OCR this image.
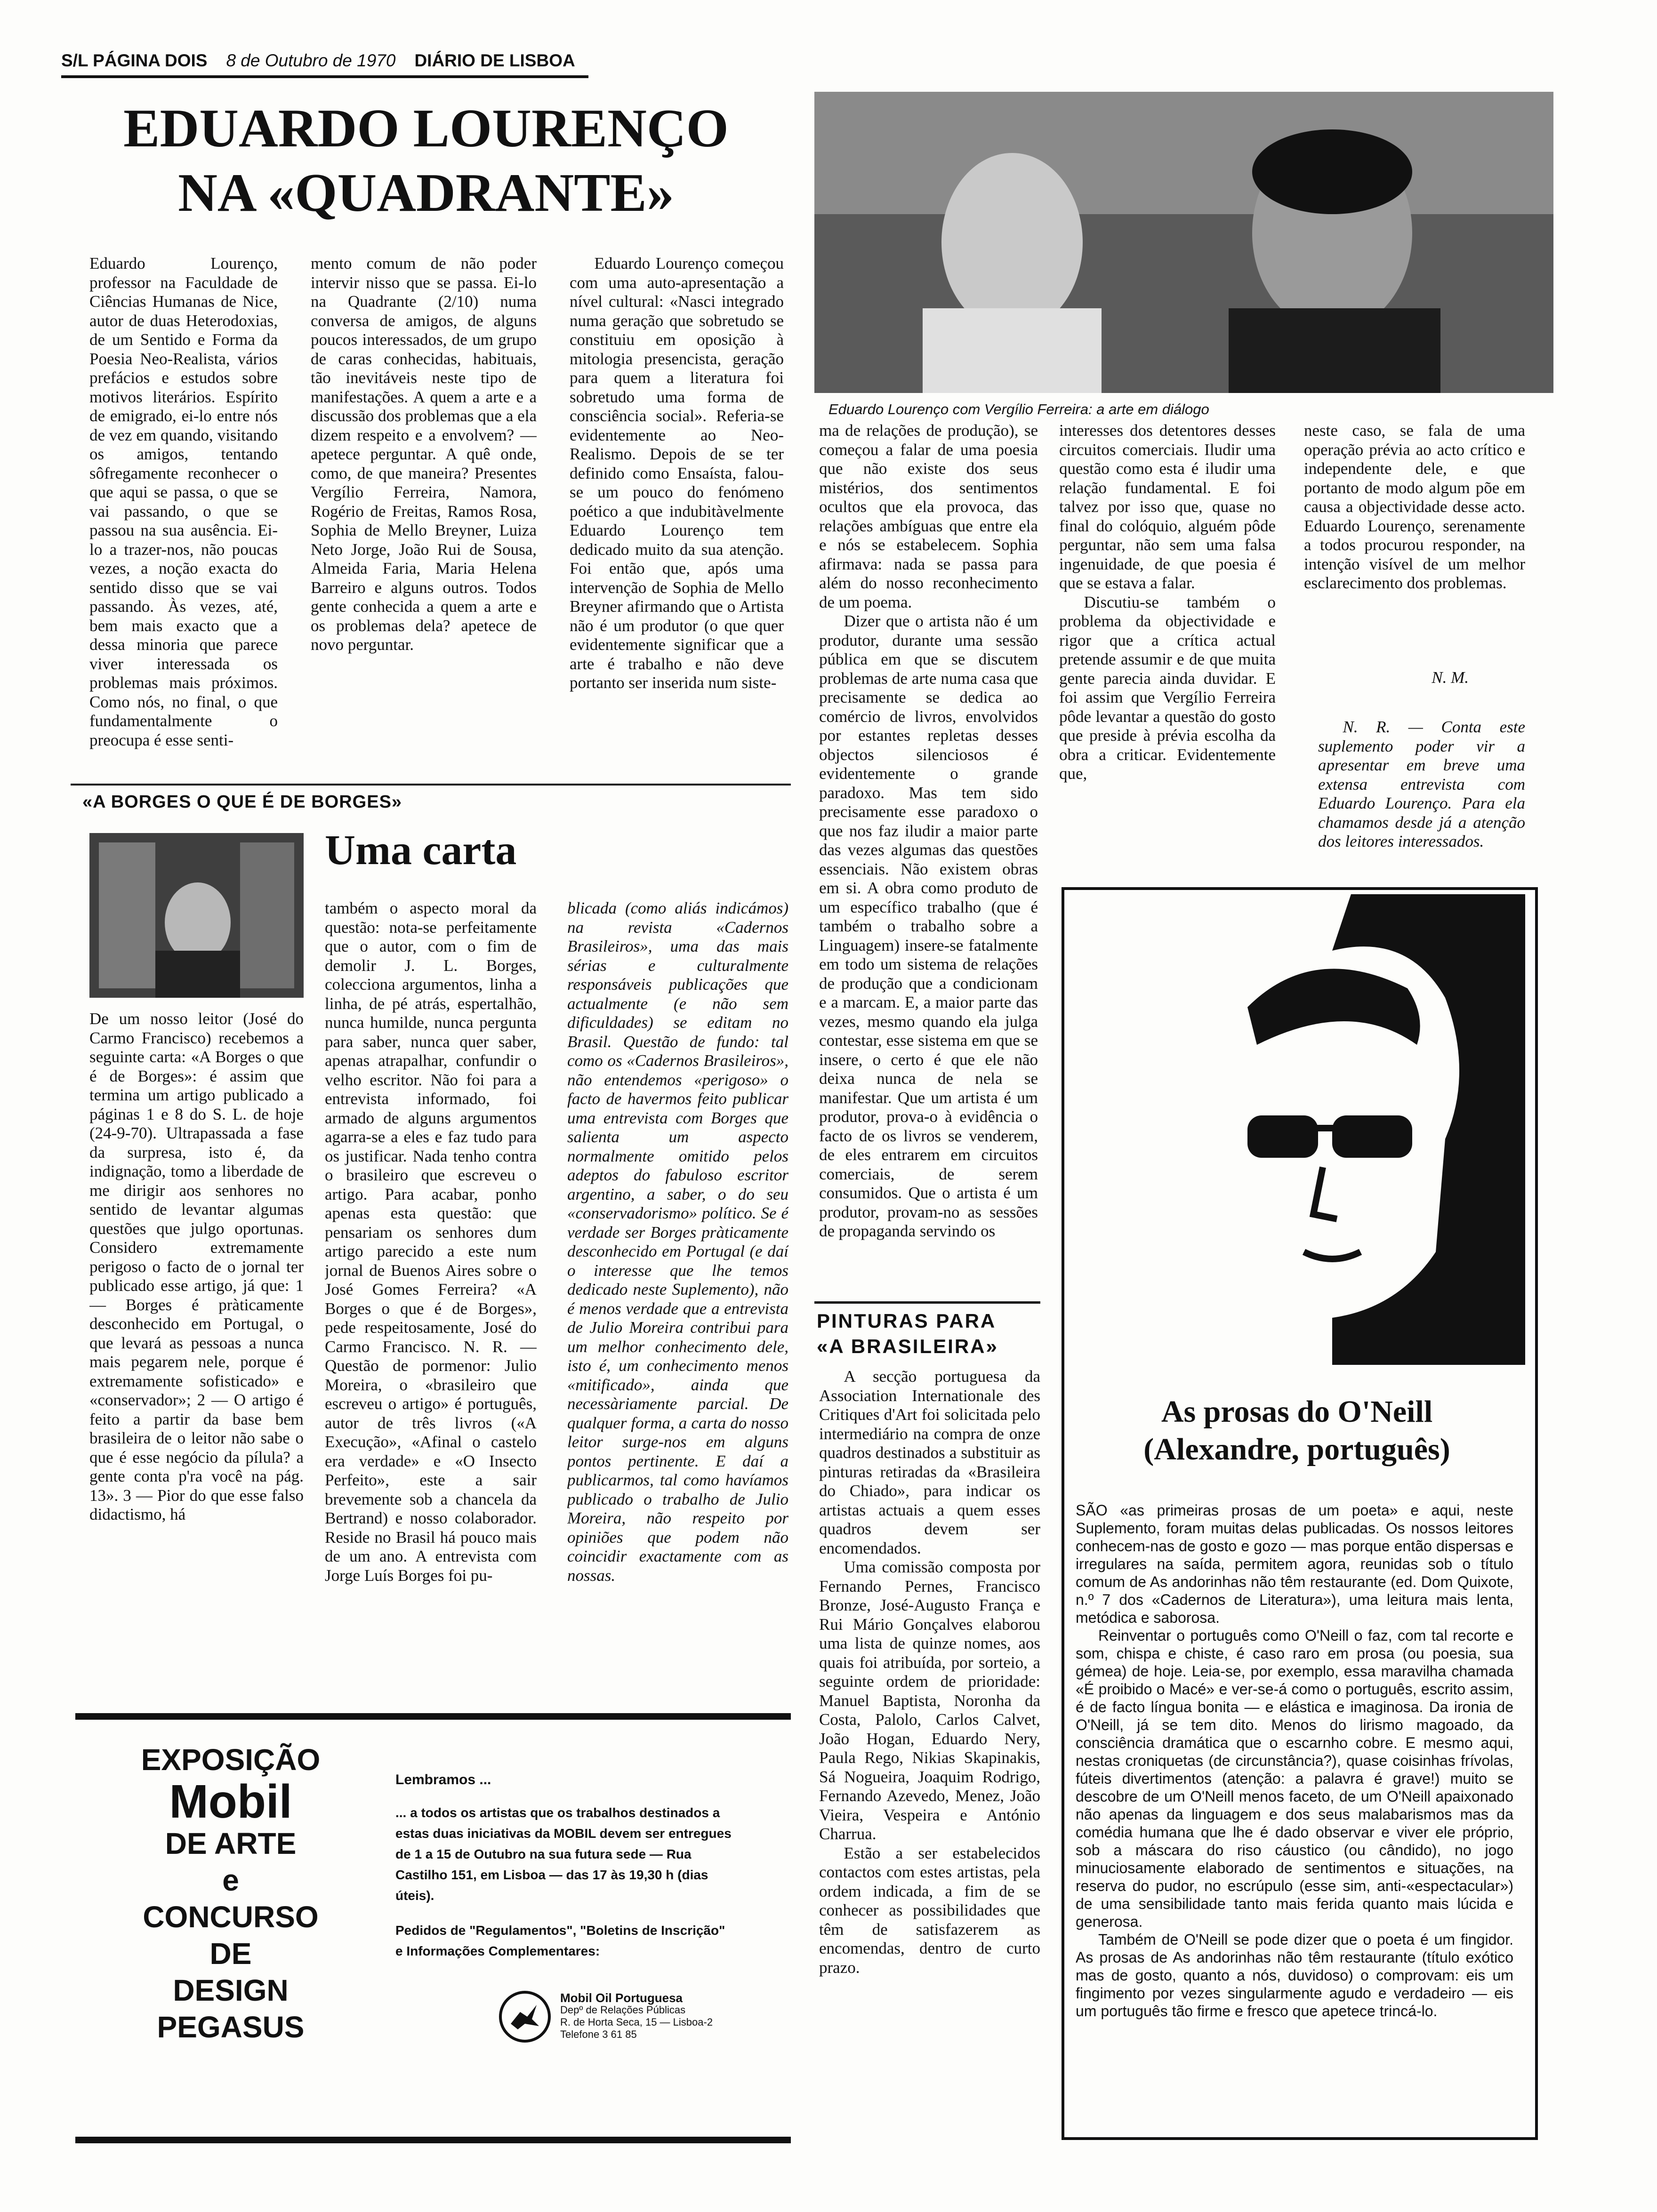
S/L PÁGINA DOIS 8 de Outubro de 1970 DIÁRIO DE LISBOA
EDUARDO LOURENÇO
NA «QUADRANTE»

Eduardo Lourenço, professor na Faculdade de Ciências Humanas de Nice, autor de duas Heterodoxias, de um Sentido e Forma da Poesia Neo-Realista, vários prefácios e estudos sobre motivos literários. Espírito de emigrado, ei-lo entre nós de vez em quando, visitando os amigos, tentando sôfregamente reconhecer o que aqui se passa, o que se vai passando, o que se passou na sua ausência. Ei-lo a trazer-nos, não poucas vezes, a noção exacta do sentido disso que se vai passando. Às vezes, até, bem mais exacto que a dessa minoria que parece viver interessada os problemas mais próximos. Como nós, no final, o que fundamentalmente o preocupa é esse senti-

mento comum de não poder intervir nisso que se passa. Ei-lo na Quadrante (2/10) numa conversa de amigos, de alguns poucos interessados, de um grupo de caras conhecidas, habituais, tão inevitáveis neste tipo de manifestações. A quem a arte e a discussão dos problemas que a ela dizem respeito e a envolvem? — apetece perguntar. A quê onde, como, de que maneira? Presentes Vergílio Ferreira, Namora, Rogério de Freitas, Ramos Rosa, Sophia de Mello Breyner, Luiza Neto Jorge, João Rui de Sousa, Almeida Faria, Maria Helena Barreiro e alguns outros. Todos gente conhecida a quem a arte e os problemas dela? apetece de novo perguntar.

Eduardo Lourenço começou com uma auto-apresentação a nível cultural: «Nasci integrado numa geração que sobretudo se constituiu em oposição à mitologia presencista, geração para quem a literatura foi sobretudo uma forma de consciência social». Referia-se evidentemente ao Neo-Realismo. Depois de se ter definido como Ensaísta, falou-se um pouco do fenómeno poético a que indubitàvelmente Eduardo Lourenço tem dedicado muito da sua atenção. Foi então que, após uma intervenção de Sophia de Mello Breyner afirmando que o Artista não é um produtor (o que quer evidentemente significar que a arte é trabalho e não deve portanto ser inserida num siste-

Eduardo Lourenço com Vergílio Ferreira: a arte em diálogo

ma de relações de produção), se começou a falar de uma poesia que não existe dos seus mistérios, dos sentimentos ocultos que ela provoca, das relações ambíguas que entre ela e nós se estabelecem. Sophia afirmava: nada se passa para além do nosso reconhecimento de um poema.

Dizer que o artista não é um produtor, durante uma sessão pública em que se discutem problemas de arte numa casa que precisamente se dedica ao comércio de livros, envolvidos por estantes repletas desses objectos silenciosos é evidentemente o grande paradoxo. Mas tem sido precisamente esse paradoxo o que nos faz iludir a maior parte das vezes algumas das questões essenciais. Não existem obras em si. A obra como produto de um específico trabalho (que é também o trabalho sobre a Linguagem) insere-se fatalmente em todo um sistema de relações de produção que a condicionam e a marcam. E, a maior parte das vezes, mesmo quando ela julga contestar, esse sistema em que se insere, o certo é que ele não deixa nunca de nela se manifestar. Que um artista é um produtor, prova-o à evidência o facto de os livros se venderem, de eles entrarem em circuitos comerciais, de serem consumidos. Que o artista é um produtor, provam-no as sessões de propaganda servindo os

interesses dos detentores desses circuitos comerciais. Iludir uma questão como esta é iludir uma relação fundamental. E foi talvez por isso que, quase no final do colóquio, alguém pôde perguntar, não sem uma falsa ingenuidade, de que poesia é que se estava a falar.

Discutiu-se também o problema da objectividade e rigor que a crítica actual pretende assumir e de que muita gente parecia ainda duvidar. E foi assim que Vergílio Ferreira pôde levantar a questão do gosto que preside à prévia escolha da obra a criticar. Evidentemente que,

neste caso, se fala de uma operação prévia ao acto crítico e independente dele, e que portanto de modo algum põe em causa a objectividade desse acto. Eduardo Lourenço, serenamente a todos procurou responder, na intenção visível de um melhor esclarecimento dos problemas.

N. M.
N. R. — Conta este suplemento poder vir a apresentar em breve uma extensa entrevista com Eduardo Lourenço. Para ela chamamos desde já a atenção dos leitores interessados.
«A BORGES O QUE É DE BORGES»
Uma carta

De um nosso leitor (José do Carmo Francisco) recebemos a seguinte carta: «A Borges o que é de Borges»: é assim que termina um artigo publicado a páginas 1 e 8 do S. L. de hoje (24-9-70). Ultrapassada a fase da surpresa, isto é, da indignação, tomo a liberdade de me dirigir aos senhores no sentido de levantar algumas questões que julgo oportunas. Considero extremamente perigoso o facto de o jornal ter publicado esse artigo, já que: 1 — Borges é pràticamente desconhecido em Portugal, o que levará as pessoas a nunca mais pegarem nele, porque é extremamente sofisticado» e «conservador»; 2 — O artigo é feito a partir da base bem brasileira de o leitor não sabe o que é esse negócio da pílula? a gente conta p'ra você na pág. 13». 3 — Pior do que esse falso didactismo, há

também o aspecto moral da questão: nota-se perfeitamente que o autor, com o fim de demolir J. L. Borges, colecciona argumentos, linha a linha, de pé atrás, espertalhão, nunca humilde, nunca pergunta para saber, nunca quer saber, apenas atrapalhar, confundir o velho escritor. Não foi para a entrevista informado, foi armado de alguns argumentos agarra-se a eles e faz tudo para os justificar. Nada tenho contra o brasileiro que escreveu o artigo. Para acabar, ponho apenas esta questão: que pensariam os senhores dum artigo parecido a este num jornal de Buenos Aires sobre o José Gomes Ferreira? «A Borges o que é de Borges», pede respeitosamente, José do Carmo Francisco. N. R. — Questão de pormenor: Julio Moreira, o «brasileiro que escreveu o artigo» é português, autor de três livros («A Execução», «Afinal o castelo era verdade» e «O Insecto Perfeito», este a sair brevemente sob a chancela da Bertrand) e nosso colaborador. Reside no Brasil há pouco mais de um ano. A entrevista com Jorge Luís Borges foi pu-

blicada (como aliás indicámos) na revista «Cadernos Brasileiros», uma das mais sérias e culturalmente responsáveis publicações que actualmente (e não sem dificuldades) se editam no Brasil. Questão de fundo: tal como os «Cadernos Brasileiros», não entendemos «perigoso» o facto de havermos feito publicar uma entrevista com Borges que salienta um aspecto normalmente omitido pelos adeptos do fabuloso escritor argentino, a saber, o do seu «conservadorismo» político. Se é verdade ser Borges pràticamente desconhecido em Portugal (e daí o interesse que lhe temos dedicado neste Suplemento), não é menos verdade que a entrevista de Julio Moreira contribui para um melhor conhecimento dele, isto é, um conhecimento menos «mitificado», ainda que necessàriamente parcial. De qualquer forma, a carta do nosso leitor surge-nos em alguns pontos pertinente. E daí a publicarmos, tal como havíamos publicado o trabalho de Julio Moreira, não respeito por opiniões que podem não coincidir exactamente com as nossas.

PINTURAS PARA
«A BRASILEIRA»

A secção portuguesa da Association Internationale des Critiques d'Art foi solicitada pelo intermediário na compra de onze quadros destinados a substituir as pinturas retiradas da «Brasileira do Chiado», para indicar os artistas actuais a quem esses quadros devem ser encomendados.

Uma comissão composta por Fernando Pernes, Francisco Bronze, José-Augusto França e Rui Mário Gonçalves elaborou uma lista de quinze nomes, aos quais foi atribuída, por sorteio, a seguinte ordem de prioridade: Manuel Baptista, Noronha da Costa, Palolo, Carlos Calvet, João Hogan, Eduardo Nery, Paula Rego, Nikias Skapinakis, Sá Nogueira, Joaquim Rodrigo, Fernando Azevedo, Menez, João Vieira, Vespeira e António Charrua.

Estão a ser estabelecidos contactos com estes artistas, pela ordem indicada, a fim de se conhecer as possibilidades que têm de satisfazerem as encomendas, dentro de curto prazo.

As prosas do O'Neill
(Alexandre, português)

SÃO «as primeiras prosas de um poeta» e aqui, neste Suplemento, foram muitas delas publicadas. Os nossos leitores conhecem-nas de gosto e gozo — mas porque então dispersas e irregulares na saída, permitem agora, reunidas sob o título comum de As andorinhas não têm restaurante (ed. Dom Quixote, n.º 7 dos «Cadernos de Literatura»), uma leitura mais lenta, metódica e saborosa.

Reinventar o português como O'Neill o faz, com tal recorte e som, chispa e chiste, é caso raro em prosa (ou poesia, sua gémea) de hoje. Leia-se, por exemplo, essa maravilha chamada «É proibido o Macé» e ver-se-á como o português, escrito assim, é de facto língua bonita — e elástica e imaginosa. Da ironia de O'Neill, já se tem dito. Menos do lirismo magoado, da consciência dramática que o escarnho cobre. E mesmo aqui, nestas croniquetas (de circunstância?), quase coisinhas frívolas, fúteis divertimentos (atenção: a palavra é grave!) muito se descobre de um O'Neill menos faceto, de um O'Neill apaixonado não apenas da linguagem e dos seus malabarismos mas da comédia humana que lhe é dado observar e viver ele próprio, sob a máscara do riso cáustico (ou cândido), no jogo minuciosamente elaborado de sentimentos e situações, na reserva do pudor, no escrúpulo (esse sim, anti-«espectacular») de uma sensibilidade tanto mais ferida quanto mais lúcida e generosa.

Também de O'Neill se pode dizer que o poeta é um fingidor. As prosas de As andorinhas não têm restaurante (título exótico mas de gosto, quanto a nós, duvidoso) o comprovam: eis um fingimento por vezes singularmente agudo e verdadeiro — eis um português tão firme e fresco que apetece trincá-lo.

EXPOSIÇÃO
Mobil
DE ARTE
e
CONCURSO
DE
DESIGN
PEGASUS
Lembramos ...
... a todos os artistas que os trabalhos destinados a estas duas iniciativas da MOBIL devem ser entregues de 1 a 15 de Outubro na sua futura sede — Rua Castilho 151, em Lisboa — das 17 às 19,30 h (dias úteis).
Pedidos de "Regulamentos", "Boletins de Inscrição" e Informações Complementares:
Mobil Oil Portuguesa
Depº de Relações Públicas
R. de Horta Seca, 15 — Lisboa-2
Telefone 3 61 85
